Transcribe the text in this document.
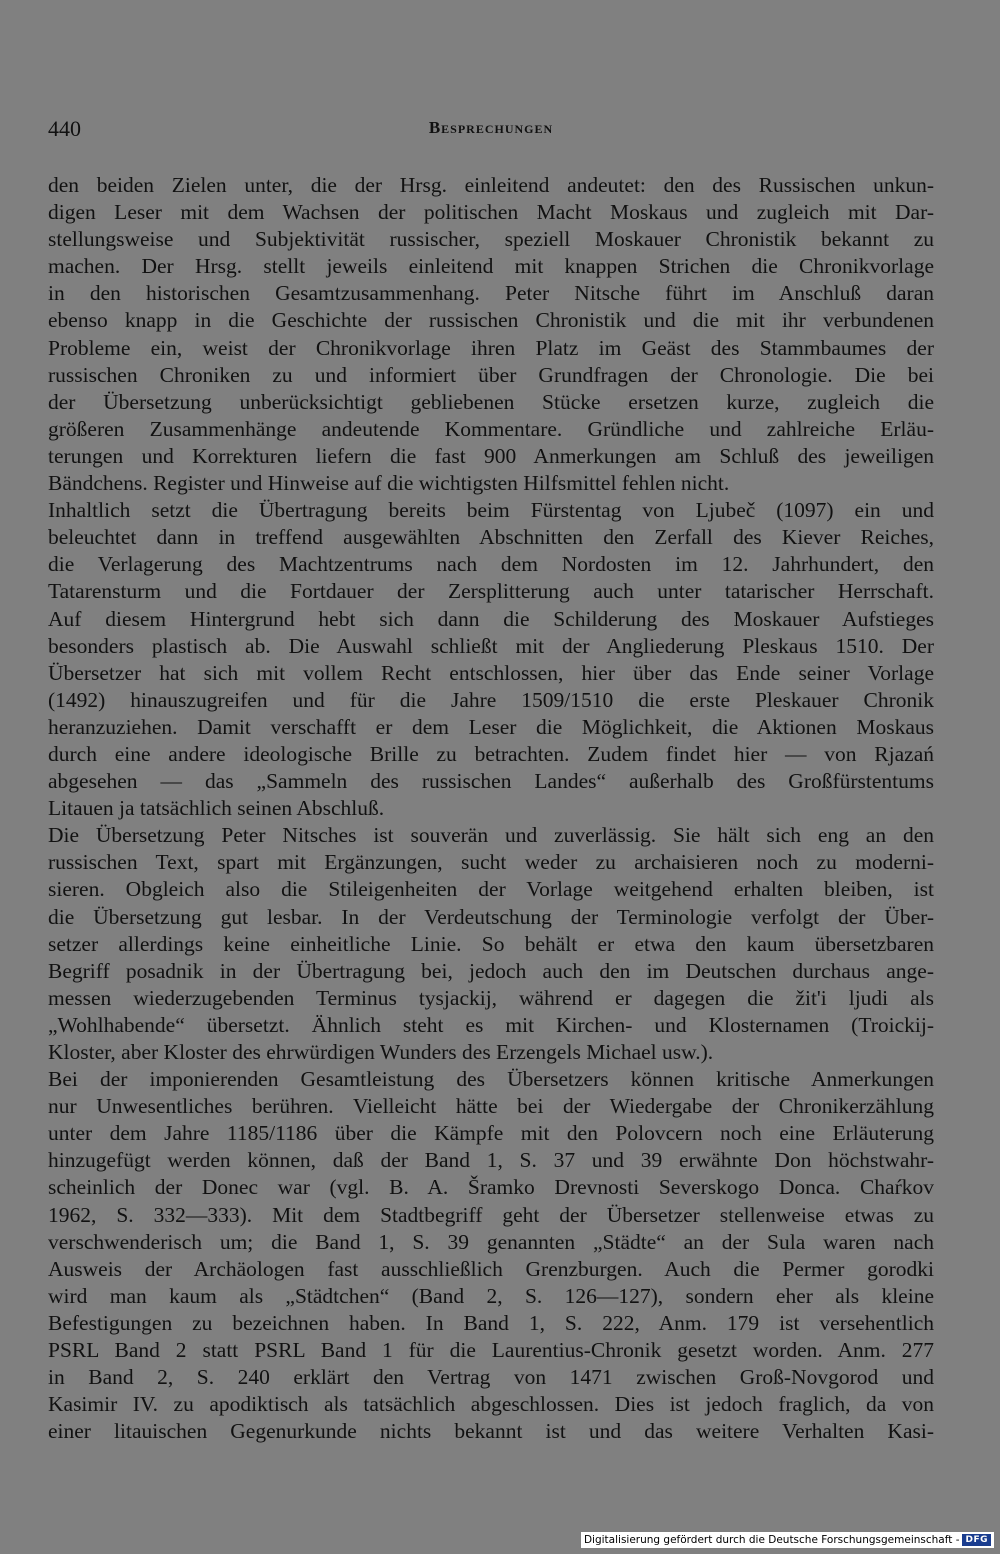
440	Besprechungen
den beiden Zielen unter, die der Hrsg. einleitend andeutet: den des Russischen unkun-
digen Leser mit dem Wachsen der politischen Macht Moskaus und zugleich mit Dar-
stellungsweise und Subjektivität russischer, speziell Moskauer Chronistik bekannt zu
machen. Der Hrsg. stellt jeweils einleitend mit knappen Strichen die Chronikvorlage
in den historischen Gesamtzusammenhang. Peter Nitsche führt im Anschluß daran
ebenso knapp in die Geschichte der russischen Chronistik und die mit ihr verbundenen
Probleme ein, weist der Chronikvorlage ihren Platz im Geäst des Stammbaumes der
russischen Chroniken zu und informiert über Grundfragen der Chronologie. Die bei
der Übersetzung unberücksichtigt gebliebenen Stücke ersetzen kurze, zugleich die
größeren Zusammenhänge andeutende Kommentare. Gründliche und zahlreiche Erläu-
terungen und Korrekturen liefern die fast 900 Anmerkungen am Schluß des jeweiligen
Bändchens. Register und Hinweise auf die wichtigsten Hilfsmittel fehlen nicht.
Inhaltlich setzt die Übertragung bereits beim Fürstentag von Ljubeč (1097) ein und
beleuchtet dann in treffend ausgewählten Abschnitten den Zerfall des Kiever Reiches,
die Verlagerung des Machtzentrums nach dem Nordosten im 12. Jahrhundert, den
Tatarensturm und die Fortdauer der Zersplitterung auch unter tatarischer Herrschaft.
Auf diesem Hintergrund hebt sich dann die Schilderung des Moskauer Aufstieges
besonders plastisch ab. Die Auswahl schließt mit der Angliederung Pleskaus 1510. Der
Übersetzer hat sich mit vollem Recht entschlossen, hier über das Ende seiner Vorlage
(1492) hinauszugreifen und für die Jahre 1509/1510 die erste Pleskauer Chronik
heranzuziehen. Damit verschafft er dem Leser die Möglichkeit, die Aktionen Moskaus
durch eine andere ideologische Brille zu betrachten. Zudem findet hier — von Rjazań
abgesehen — das „Sammeln des russischen Landes“ außerhalb des Großfürstentums
Litauen ja tatsächlich seinen Abschluß.
Die Übersetzung Peter Nitsches ist souverän und zuverlässig. Sie hält sich eng an den
russischen Text, spart mit Ergänzungen, sucht weder zu archaisieren noch zu moderni-
sieren. Obgleich also die Stileigenheiten der Vorlage weitgehend erhalten bleiben, ist
die Übersetzung gut lesbar. In der Verdeutschung der Terminologie verfolgt der Über-
setzer allerdings keine einheitliche Linie. So behält er etwa den kaum übersetzbaren
Begriff posadnik in der Übertragung bei, jedoch auch den im Deutschen durchaus ange-
messen wiederzugebenden Terminus tysjackij, während er dagegen die žit'i ljudi als
„Wohlhabende“ übersetzt. Ähnlich steht es mit Kirchen- und Klosternamen (Troickij-
Kloster, aber Kloster des ehrwürdigen Wunders des Erzengels Michael usw.).
Bei der imponierenden Gesamtleistung des Übersetzers können kritische Anmerkungen
nur Unwesentliches berühren. Vielleicht hätte bei der Wiedergabe der Chronikerzählung
unter dem Jahre 1185/1186 über die Kämpfe mit den Polovcern noch eine Erläuterung
hinzugefügt werden können, daß der Band 1, S. 37 und 39 erwähnte Don höchstwahr-
scheinlich der Donec war (vgl. B. A. Šramko Drevnosti Severskogo Donca. Chaŕkov
1962, S. 332—333). Mit dem Stadtbegriff geht der Übersetzer stellenweise etwas zu
verschwenderisch um; die Band 1, S. 39 genannten „Städte“ an der Sula waren nach
Ausweis der Archäologen fast ausschließlich Grenzburgen. Auch die Permer gorodki
wird man kaum als „Städtchen“ (Band 2, S. 126—127), sondern eher als kleine
Befestigungen zu bezeichnen haben. In Band 1, S. 222, Anm. 179 ist versehentlich
PSRL Band 2 statt PSRL Band 1 für die Laurentius-Chronik gesetzt worden. Anm. 277
in Band 2, S. 240 erklärt den Vertrag von 1471 zwischen Groß-Novgorod und
Kasimir IV. zu apodiktisch als tatsächlich abgeschlossen. Dies ist jedoch fraglich, da von
einer litauischen Gegenurkunde nichts bekannt ist und das weitere Verhalten Kasi-
Digitalisierung gefördert durch die Deutsche Forschungsgemeinschaft - DFG
